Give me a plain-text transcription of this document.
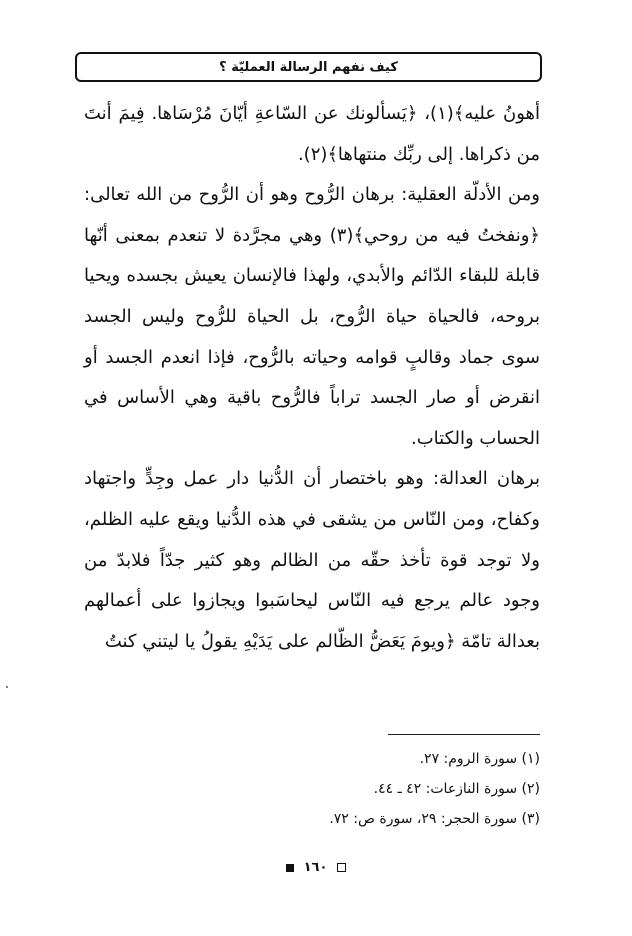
كيف نفهم الرسالة العمليّة ؟

أهونُ عليه﴾(١)، ﴿يَسألونك عن السّاعةِ أيّانَ مُرْسَاها. فِيمَ أنتَ من ذكراها. إلى ربِّك منتهاها﴾(٢).

ومن الأدلّة العقلية: برهان الرُّوح وهو أن الرُّوح من الله تعالى: ﴿ونفختُ فيه من روحي﴾(٣) وهي مجرَّدة لا تنعدم بمعنى أنّها قابلة للبقاء الدّائم والأبدي، ولهذا فالإنسان يعيش بجسده ويحيا بروحه، فالحياة حياة الرُّوح، بل الحياة للرُّوح وليس الجسد سوى جماد وقالبٍ قوامه وحياته بالرُّوح، فإذا انعدم الجسد أو انقرض أو صار الجسد تراباً فالرُّوح باقية وهي الأساس في الحساب والكتاب.

برهان العدالة: وهو باختصار أن الدُّنيا دار عمل وجِدٍّ واجتهاد وكفاح، ومن النّاس من يشقى في هذه الدُّنيا ويقع عليه الظلم، ولا توجد قوة تأخذ حقّه من الظالم وهو كثير جدّاً فلابدّ من وجود عالم يرجع فيه النّاس ليحاسَبوا ويجازوا على أعمالهم بعدالة تامّة ﴿ويومَ يَعَضُّ الظّالم على يَدَيْهِ يقولُ يا ليتني كنتُ

(١) سورة الروم: ٢٧.
(٢) سورة النازعات: ٤٢ ـ ٤٤.
(٣) سورة الحجر: ٢٩، سورة ص: ٧٢.
١٦٠
